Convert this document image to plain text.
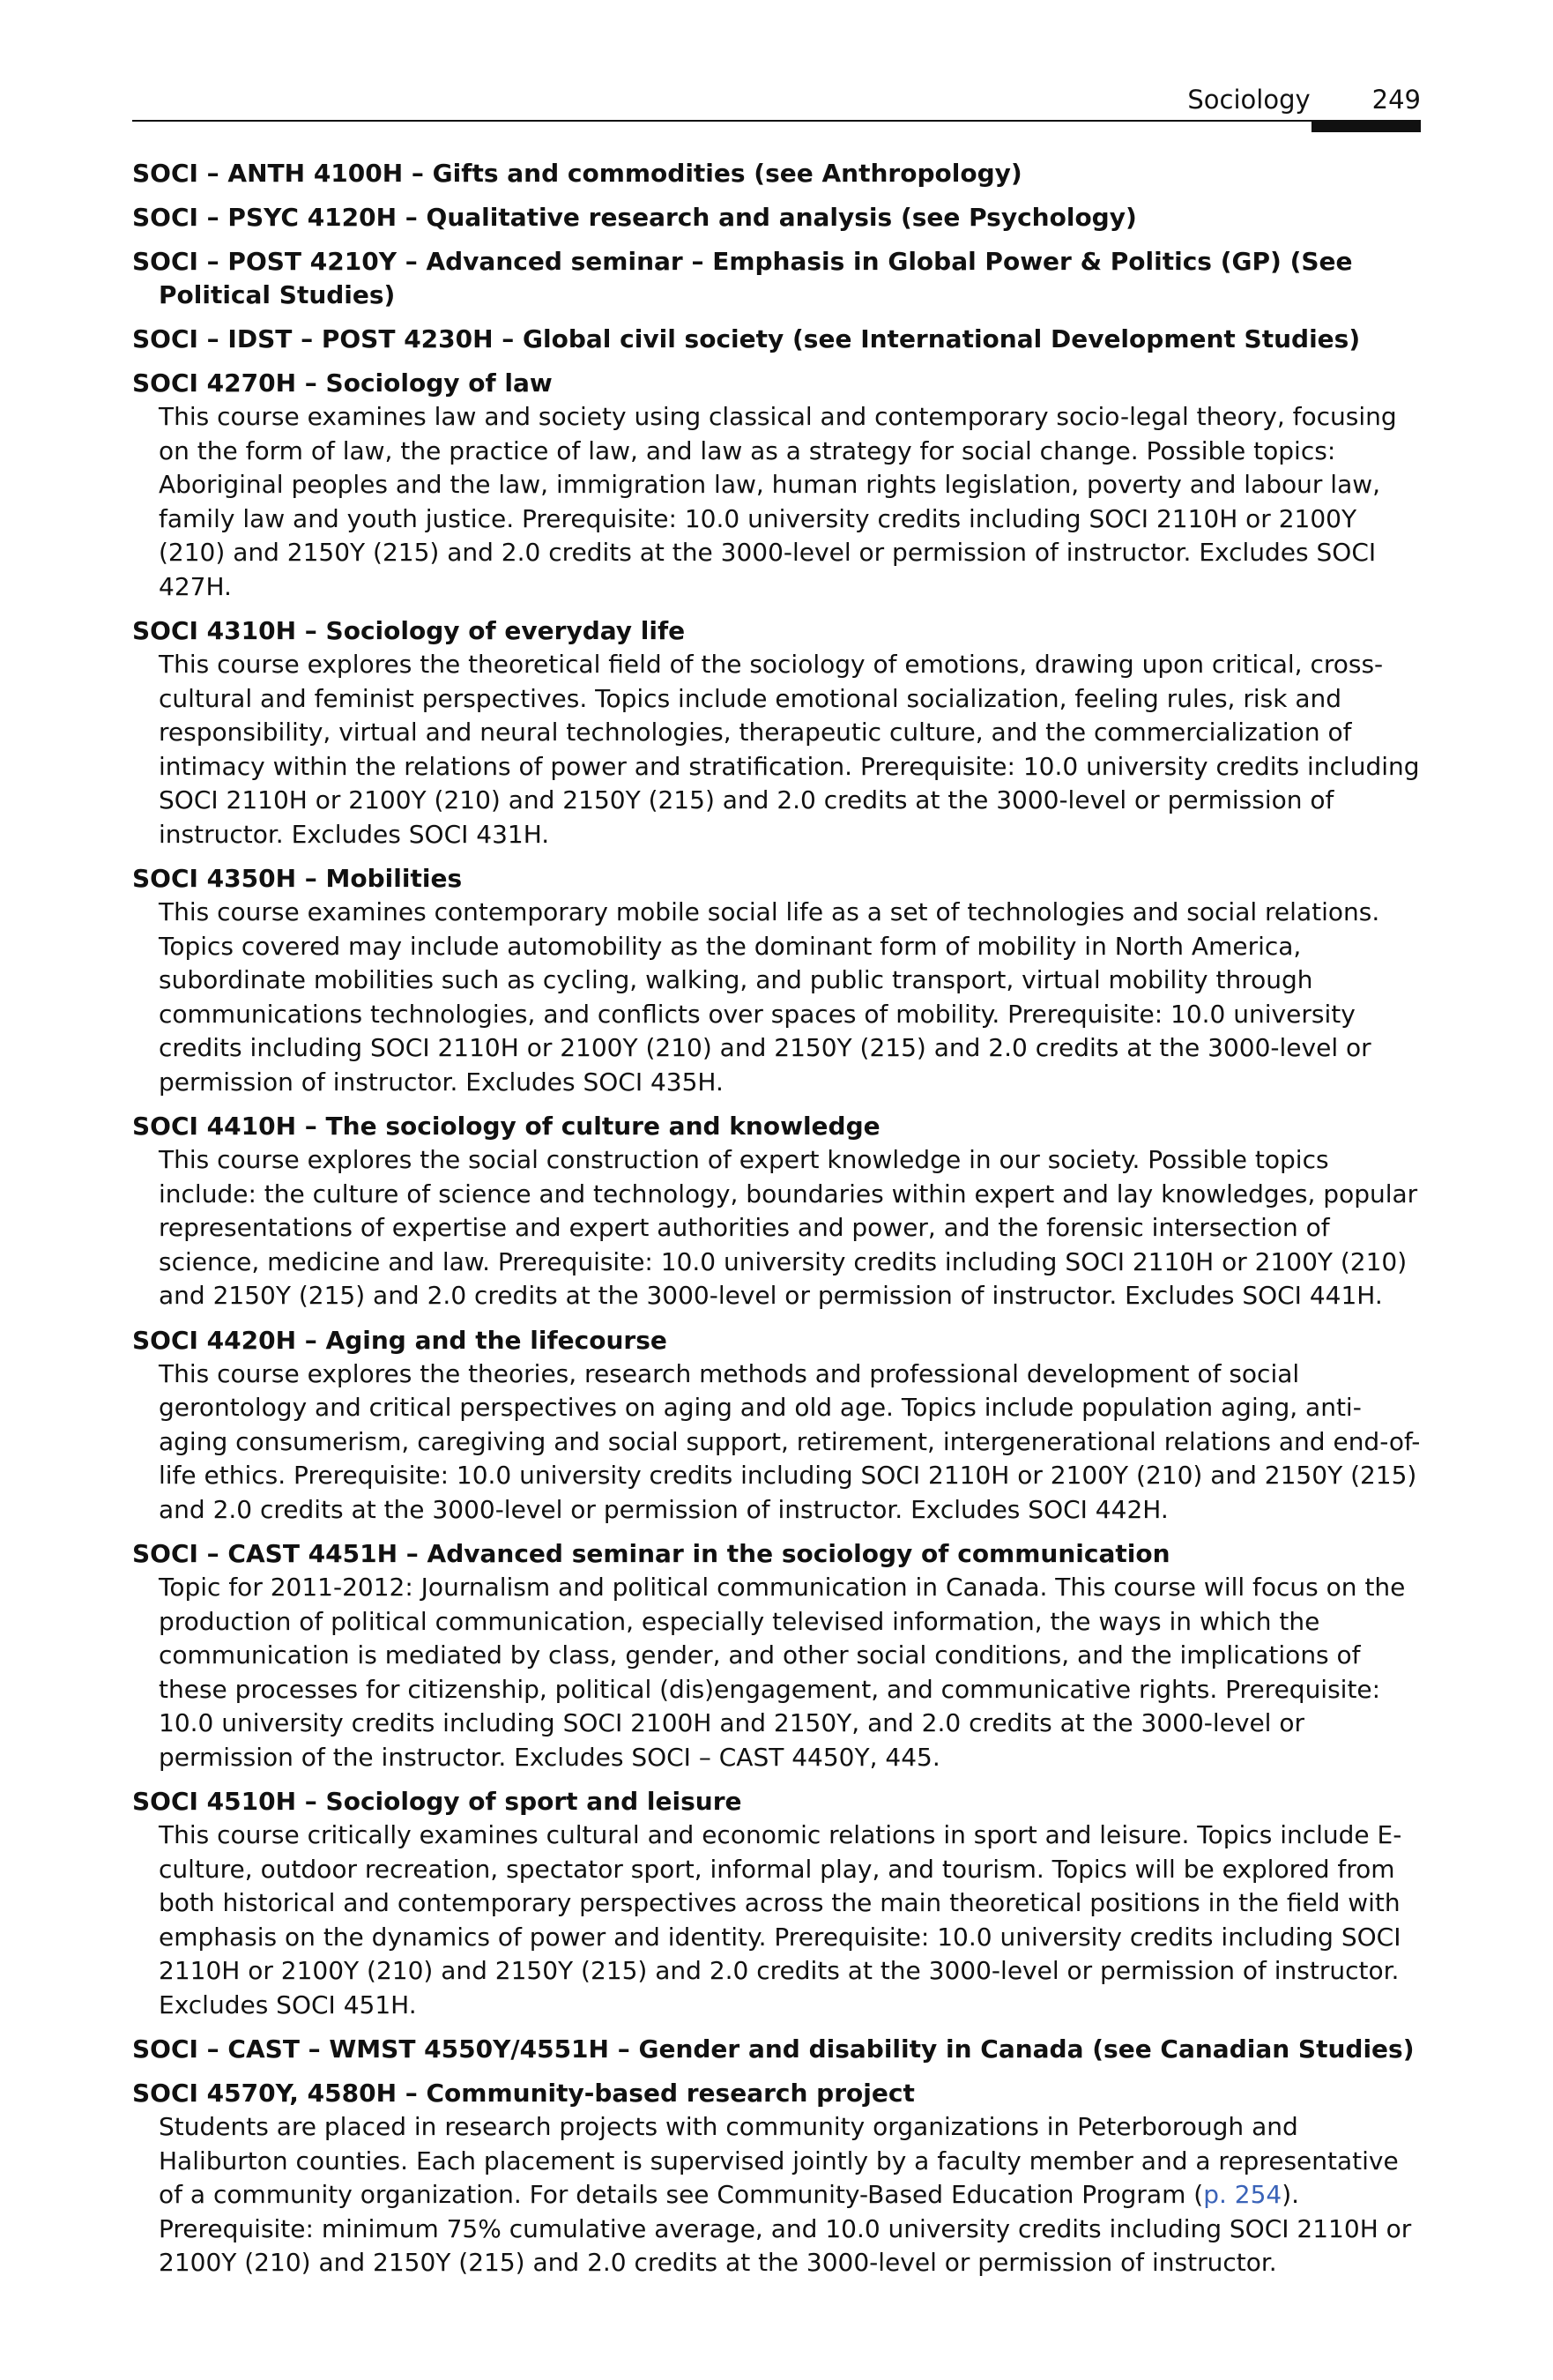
Sociology 249
SOCI – ANTH 4100H – Gifts and commodities (see Anthropology)
SOCI – PSYC 4120H – Qualitative research and analysis (see Psychology)
SOCI – POST 4210Y – Advanced seminar – Emphasis in Global Power & Politics (GP) (See Political Studies)
SOCI – IDST – POST 4230H – Global civil society (see International Development Studies)
SOCI 4270H – Sociology of law
This course examines law and society using classical and contemporary socio-legal theory, focusing on the form of law, the practice of law, and law as a strategy for social change. Possible topics: Aboriginal peoples and the law, immigration law, human rights legislation, poverty and labour law, family law and youth justice. Prerequisite: 10.0 university credits including SOCI 2110H or 2100Y (210) and 2150Y (215) and 2.0 credits at the 3000-level or permission of instructor. Excludes SOCI 427H.
SOCI 4310H – Sociology of everyday life
This course explores the theoretical field of the sociology of emotions, drawing upon critical, cross-cultural and feminist perspectives. Topics include emotional socialization, feeling rules, risk and responsibility, virtual and neural technologies, therapeutic culture, and the commercialization of intimacy within the relations of power and stratification. Prerequisite: 10.0 university credits including SOCI 2110H or 2100Y (210) and 2150Y (215) and 2.0 credits at the 3000-level or permission of instructor. Excludes SOCI 431H.
SOCI 4350H – Mobilities
This course examines contemporary mobile social life as a set of technologies and social relations. Topics covered may include automobility as the dominant form of mobility in North America, subordinate mobilities such as cycling, walking, and public transport, virtual mobility through communications technologies, and conflicts over spaces of mobility. Prerequisite: 10.0 university credits including SOCI 2110H or 2100Y (210) and 2150Y (215) and 2.0 credits at the 3000-level or permission of instructor. Excludes SOCI 435H.
SOCI 4410H – The sociology of culture and knowledge
This course explores the social construction of expert knowledge in our society. Possible topics include: the culture of science and technology, boundaries within expert and lay knowledges, popular representations of expertise and expert authorities and power, and the forensic intersection of science, medicine and law. Prerequisite: 10.0 university credits including SOCI 2110H or 2100Y (210) and 2150Y (215) and 2.0 credits at the 3000-level or permission of instructor. Excludes SOCI 441H.
SOCI 4420H – Aging and the lifecourse
This course explores the theories, research methods and professional development of social gerontology and critical perspectives on aging and old age. Topics include population aging, anti-aging consumerism, caregiving and social support, retirement, intergenerational relations and end-of-life ethics. Prerequisite: 10.0 university credits including SOCI 2110H or 2100Y (210) and 2150Y (215) and 2.0 credits at the 3000-level or permission of instructor. Excludes SOCI 442H.
SOCI – CAST 4451H – Advanced seminar in the sociology of communication
Topic for 2011-2012: Journalism and political communication in Canada. This course will focus on the production of political communication, especially televised information, the ways in which the communication is mediated by class, gender, and other social conditions, and the implications of these processes for citizenship, political (dis)engagement, and communicative rights. Prerequisite: 10.0 university credits including SOCI 2100H and 2150Y, and 2.0 credits at the 3000-level or permission of the instructor. Excludes SOCI – CAST 4450Y, 445.
SOCI 4510H – Sociology of sport and leisure
This course critically examines cultural and economic relations in sport and leisure. Topics include E-culture, outdoor recreation, spectator sport, informal play, and tourism. Topics will be explored from both historical and contemporary perspectives across the main theoretical positions in the field with emphasis on the dynamics of power and identity. Prerequisite: 10.0 university credits including SOCI 2110H or 2100Y (210) and 2150Y (215) and 2.0 credits at the 3000-level or permission of instructor. Excludes SOCI 451H.
SOCI – CAST – WMST 4550Y/4551H – Gender and disability in Canada (see Canadian Studies)
SOCI 4570Y, 4580H – Community-based research project
Students are placed in research projects with community organizations in Peterborough and Haliburton counties. Each placement is supervised jointly by a faculty member and a representative of a community organization. For details see Community-Based Education Program (p. 254). Prerequisite: minimum 75% cumulative average, and 10.0 university credits including SOCI 2110H or 2100Y (210) and 2150Y (215) and 2.0 credits at the 3000-level or permission of instructor.
